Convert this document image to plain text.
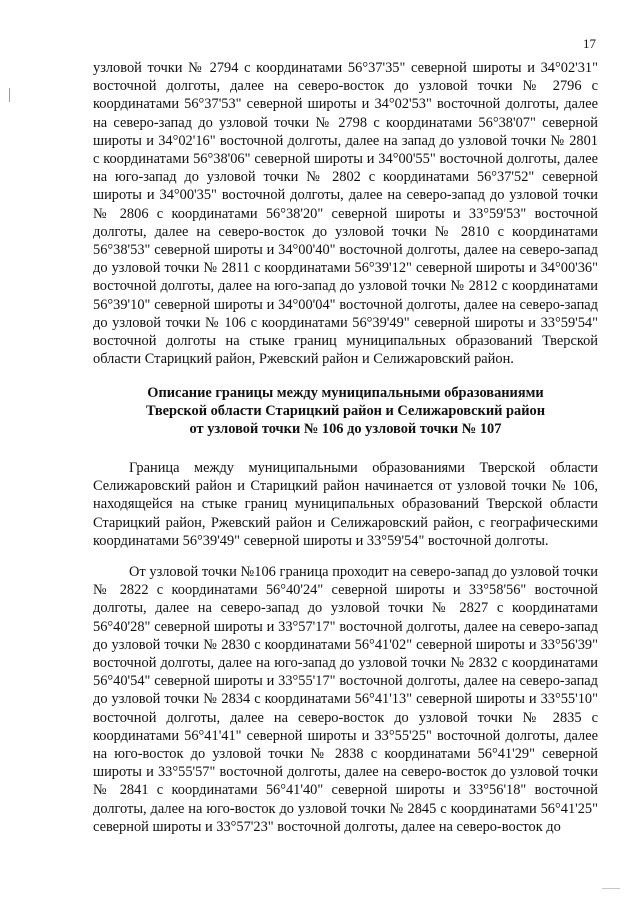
17

узловой точки № 2794 с координатами 56°37'35" северной широты и 34°02'31" восточной долготы, далее на северо-восток до узловой точки № 2796 с координатами 56°37'53" северной широты и 34°02'53" восточной долготы, далее на северо-запад до узловой точки № 2798 с координатами 56°38'07" северной широты и 34°02'16" восточной долготы, далее на запад до узловой точки № 2801 с координатами 56°38'06" северной широты и 34°00'55" восточной долготы, далее на юго-запад до узловой точки № 2802 с координатами 56°37'52" северной широты и 34°00'35" восточной долготы, далее на северо-запад до узловой точки № 2806 с координатами 56°38'20" северной широты и 33°59'53" восточной долготы, далее на северо-восток до узловой точки № 2810 с координатами 56°38'53" северной широты и 34°00'40" восточной долготы, далее на северо-запад до узловой точки № 2811 с координатами 56°39'12" северной широты и 34°00'36" восточной долготы, далее на юго-запад до узловой точки № 2812 с координатами 56°39'10" северной широты и 34°00'04" восточной долготы, далее на северо-запад до узловой точки № 106 с координатами 56°39'49" северной широты и 33°59'54" восточной долготы на стыке границ муниципальных образований Тверской области Старицкий район, Ржевский район и Селижаровский район.

Описание границы между муниципальными образованиями
Тверской области Старицкий район и Селижаровский район
от узловой точки № 106 до узловой точки № 107

Граница между муниципальными образованиями Тверской области Селижаровский район и Старицкий район начинается от узловой точки № 106, находящейся на стыке границ муниципальных образований Тверской области Старицкий район, Ржевский район и Селижаровский район, с географическими координатами 56°39'49" северной широты и 33°59'54" восточной долготы.

От узловой точки №106 граница проходит на северо-запад до узловой точки № 2822 с координатами 56°40'24" северной широты и 33°58'56" восточной долготы, далее на северо-запад до узловой точки № 2827 с координатами 56°40'28" северной широты и 33°57'17" восточной долготы, далее на северо-запад до узловой точки № 2830 с координатами 56°41'02" северной широты и 33°56'39" восточной долготы, далее на юго-запад до узловой точки № 2832 с координатами 56°40'54" северной широты и 33°55'17" восточной долготы, далее на северо-запад до узловой точки № 2834 с координатами 56°41'13" северной широты и 33°55'10" восточной долготы, далее на северо-восток до узловой точки № 2835 с координатами 56°41'41" северной широты и 33°55'25" восточной долготы, далее на юго-восток до узловой точки № 2838 с координатами 56°41'29" северной широты и 33°55'57" восточной долготы, далее на северо-восток до узловой точки № 2841 с координатами 56°41'40" северной широты и 33°56'18" восточной долготы, далее на юго-восток до узловой точки № 2845 с координатами 56°41'25" северной широты и 33°57'23" восточной долготы, далее на северо-восток до
